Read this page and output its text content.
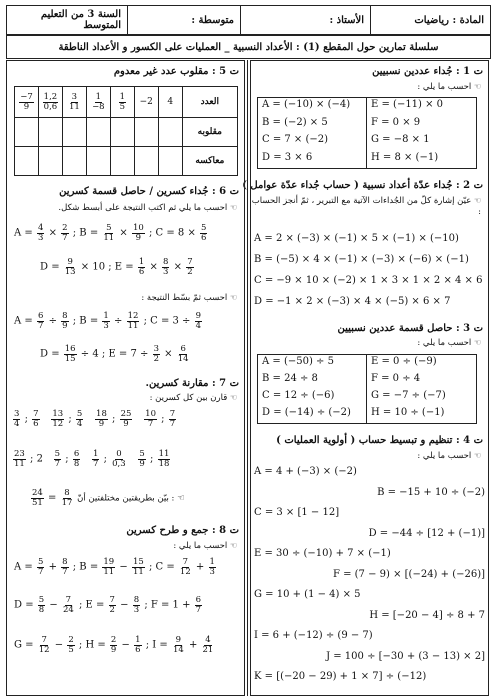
المادة : رياضيات
الأستاذ :
متوسطة :
السنة 3 من التعليم المتوسط
سلسلة تمارين حول المقطع (1) : الأعداد النسبية _ العمليات على الكسور و الأعداد الناطقة
ت 1 : جُداء عددين نسبيين
☜ احسب ما يلي :
A = (−10) × (−4)	E = (−11) × 0
B = (−2) × 5	F = 0 × 9
C = 7 × (−2)	G = −8 × 1
D = 3 × 6	H = 8 × (−1)
ت 2 : جُداء عدّة أعداد نسبية ( حساب جُداء عدّة عوامل )
☜ عيّن إشارة كلّ من الجُداءات الآتية مع التبرير ، ثمّ أنجز الحساب :
A = 2 × (−3) × (−1) × 5 × (−1) × (−10)
B = (−5) × 4 × (−1) × (−3) × (−6) × (−1)
C = −9 × 10 × (−2) × 1 × 3 × 1 × 2 × 4 × 6
D = −1 × 2 × (−3) × 4 × (−5) × 6 × 7
ت 3 : حاصل قسمة عددين نسبيين
☜ احسب ما يلي :
A = (−50) ÷ 5	E = 0 ÷ (−9)
B = 24 ÷ 8	F = 0 ÷ 4
C = 12 ÷ (−6)	G = −7 ÷ (−7)
D = (−14) ÷ (−2)	H = 10 ÷ (−1)
ت 4 : تنظيم و تبسيط حساب ( أولوية العمليات )
☜ احسب ما يلي :
A = 4 + (−3) × (−2)
B = −15 + 10 ÷ (−2)
C = 3 × [1 − 12]
D = −44 ÷ [12 + (−1)]
E = 30 ÷ (−10) + 7 × (−1)
F = (7 − 9) × [(−24) + (−26)]
G = 10 + (1 − 4) × 5
H = [−20 − 4] ÷ 8 + 7
I = 6 + (−12) ÷ (9 − 7)
J = 100 ÷ [−30 + (3 − 13) × 2]
K = [(−20 − 29) + 1 × 7] ÷ (−12)
ت 5 : مقلوب عدد غير معدوم
$\frac{-7}{9}$	$\frac{1,2}{0,6}$	$\frac{3}{11}$	$\frac{1}{-8}$	$\frac{1}{5}$	−2	4	العدد
							مقلوبه
							معاكسه
ت 6 : جُداء كسرين / حاصل قسمة كسرين
☜ احسب ما يلي ثم اكتب النتيجة على أبسط شكل.
$A = \frac{4}{3} \times \frac{2}{7}$ ; $B = \frac{5}{11} \times \frac{10}{9}$ ; $C = 8 \times \frac{5}{6}$
$D = \frac{9}{13} \times 10$ ; $E = \frac{1}{6} \times \frac{8}{3} \times \frac{7}{2}$
☜ احسب ثمّ بسّط النتيجة :
$A = \frac{6}{7} \div \frac{8}{9}$ ; $B = \frac{1}{3} \div \frac{12}{11}$ ; $C = 3 \div \frac{9}{4}$
$D = \frac{16}{15} \div 4$ ; $E = 7 \div \frac{3}{2} \times \frac{6}{14}$
ت 7 : مقارنة كسرين.
☜ قارن بين كل كسرين :
$\frac{3}{4}$ ; $\frac{7}{6}$ | $\frac{13}{12}$ ; $\frac{5}{4}$ | $\frac{18}{9}$ ; $\frac{25}{9}$ | $\frac{10}{7}$ ; $\frac{7}{7}$
$\frac{23}{11}$ ; 2 | $\frac{5}{7}$ ; $\frac{6}{8}$ | $\frac{1}{7}$ ; $\frac{0}{0,3}$ | $\frac{5}{9}$ ; $\frac{11}{18}$
$\frac{24}{51} = \frac{8}{17}$ بيّن بطريقتين مختلفتين أنّ : ☜
ت 8 : جمع و طرح كسرين
☜ احسب ما يلي :
$A = \frac{5}{7} + \frac{8}{7}$ ; $B = \frac{19}{11} - \frac{15}{11}$ ; $C = \frac{7}{12} + \frac{1}{3}$
$D = \frac{5}{8} - \frac{7}{24}$ ; $E = \frac{7}{2} - \frac{8}{3}$ ; $F = 1 + \frac{6}{7}$
$G = \frac{7}{12} - \frac{2}{5}$ ; $H = \frac{2}{9} - \frac{1}{6}$ ; $I = \frac{9}{14} + \frac{4}{21}$
